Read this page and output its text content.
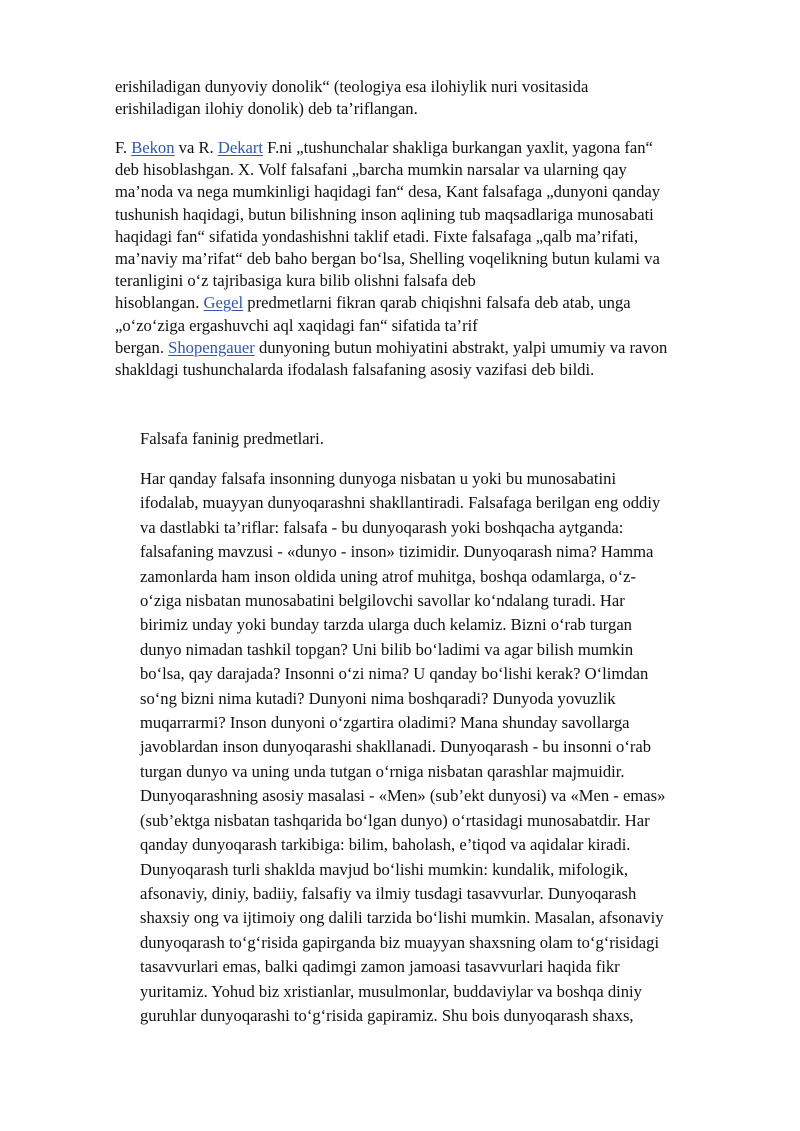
erishiladigan dunyoviy donolik“ (teologiya esa ilohiylik nuri vositasida
erishiladigan ilohiy donolik) deb ta’riflangan.
F. Bekon va R. Dekart F.ni „tushunchalar shakliga burkangan yaxlit, yagona fan“
deb hisoblashgan. X. Volf falsafani „barcha mumkin narsalar va ularning qay
ma’noda va nega mumkinligi haqidagi fan“ desa, Kant falsafaga „dunyoni qanday
tushunish haqidagi, butun bilishning inson aqlining tub maqsadlariga munosabati
haqidagi fan“ sifatida yondashishni taklif etadi. Fixte falsafaga „qalb ma’rifati,
ma’naviy ma’rifat“ deb baho bergan bo‘lsa, Shelling voqelikning butun kulami va
teranligini o‘z tajribasiga kura bilib olishni falsafa deb
hisoblangan. Gegel predmetlarni fikran qarab chiqishni falsafa deb atab, unga
„o‘zo‘ziga ergashuvchi aql xaqidagi fan“ sifatida ta’rif
bergan. Shopengauer dunyoning butun mohiyatini abstrakt, yalpi umumiy va ravon
shakldagi tushunchalarda ifodalash falsafaning asosiy vazifasi deb bildi.
Falsafa faninig predmetlari.
Har qanday falsafa insonning dunyoga nisbatan u yoki bu munosabatini
ifodalab, muayyan dunyoqarashni shakllantiradi. Falsafaga berilgan eng oddiy
va dastlabki ta’riflar: falsafa - bu dunyoqarash yoki boshqacha aytganda:
falsafaning mavzusi - «dunyo - inson» tizimidir. Dunyoqarash nima? Hamma
zamonlarda ham inson oldida uning atrof muhitga, boshqa odamlarga, o‘z-
o‘ziga nisbatan munosabatini belgilovchi savollar ko‘ndalang turadi. Har
birimiz unday yoki bunday tarzda ularga duch kelamiz. Bizni o‘rab turgan
dunyo nimadan tashkil topgan? Uni bilib bo‘ladimi va agar bilish mumkin
bo‘lsa, qay darajada? Insonni o‘zi nima? U qanday bo‘lishi kerak? O‘limdan
so‘ng bizni nima kutadi? Dunyoni nima boshqaradi? Dunyoda yovuzlik
muqarrarmi? Inson dunyoni o‘zgartira oladimi? Mana shunday savollarga
javoblardan inson dunyoqarashi shakllanadi. Dunyoqarash - bu insonni o‘rab
turgan dunyo va uning unda tutgan o‘rniga nisbatan qarashlar majmuidir.
Dunyoqarashning asosiy masalasi - «Men» (sub’ekt dunyosi) va «Men - emas»
(sub’ektga nisbatan tashqarida bo‘lgan dunyo) o‘rtasidagi munosabatdir. Har
qanday dunyoqarash tarkibiga: bilim, baholash, e’tiqod va aqidalar kiradi.
Dunyoqarash turli shaklda mavjud bo‘lishi mumkin: kundalik, mifologik,
afsonaviy, diniy, badiiy, falsafiy va ilmiy tusdagi tasavvurlar. Dunyoqarash
shaxsiy ong va ijtimoiy ong dalili tarzida bo‘lishi mumkin. Masalan, afsonaviy
dunyoqarash to‘g‘risida gapirganda biz muayyan shaxsning olam to‘g‘risidagi
tasavvurlari emas, balki qadimgi zamon jamoasi tasavvurlari haqida fikr
yuritamiz. Yohud biz xristianlar, musulmonlar, buddaviylar va boshqa diniy
guruhlar dunyoqarashi to‘g‘risida gapiramiz. Shu bois dunyoqarash shaxs,
